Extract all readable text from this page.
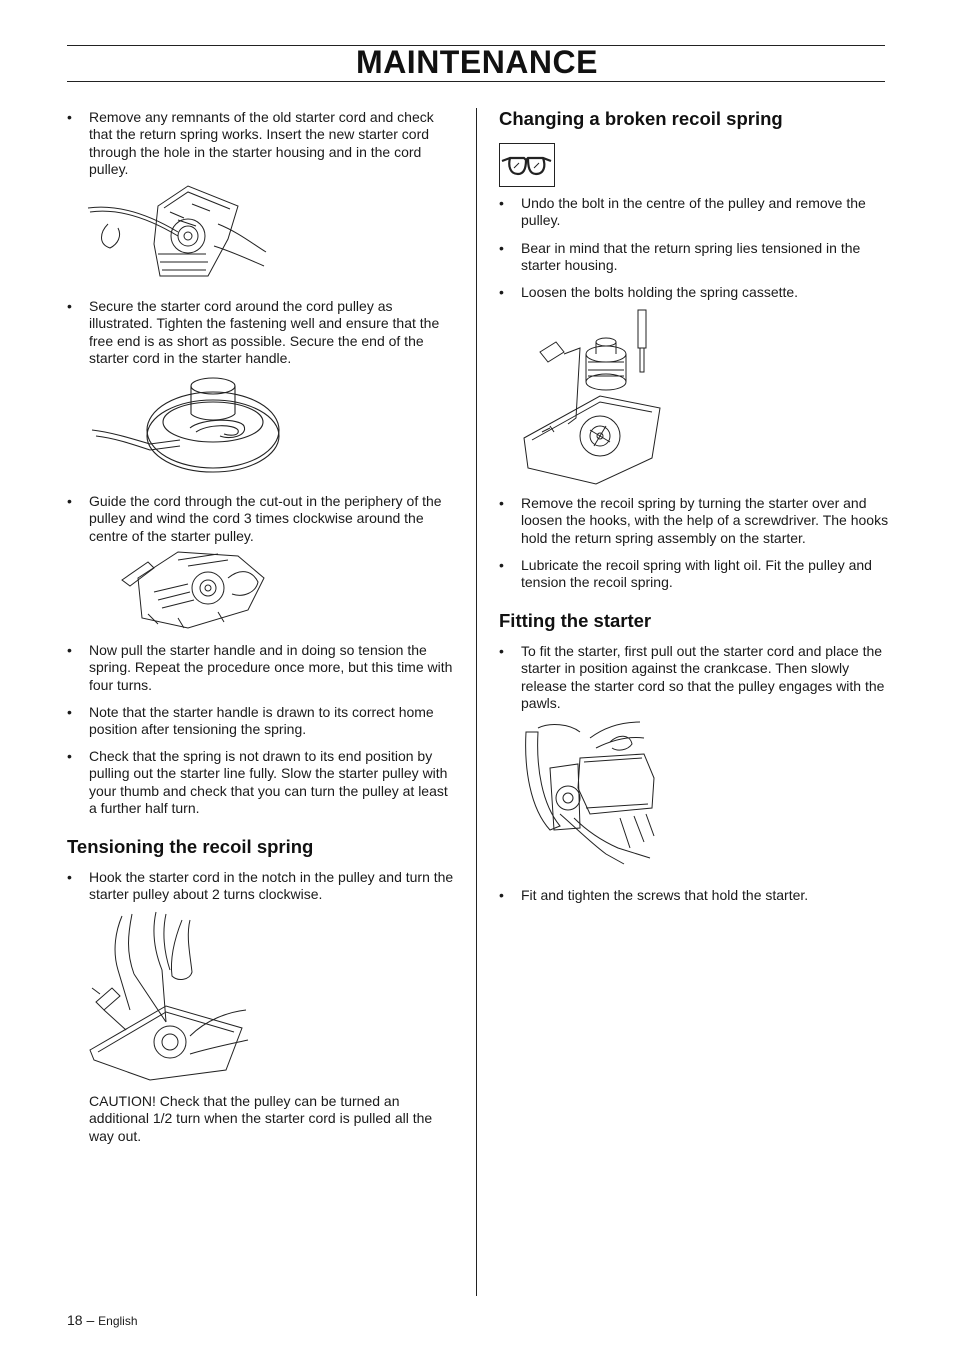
MAINTENANCE
• Remove any remnants of the old starter cord and check that the return spring works. Insert the new starter cord through the hole in the starter housing and in the cord pulley.
• Secure the starter cord around the cord pulley as illustrated. Tighten the fastening well and ensure that the free end is as short as possible. Secure the end of the starter cord in the starter handle.
• Guide the cord through the cut-out in the periphery of the pulley and wind the cord 3 times clockwise around the centre of the starter pulley.
• Now pull the starter handle and in doing so tension the spring. Repeat the procedure once more, but this time with four turns.
• Note that the starter handle is drawn to its correct home position after tensioning the spring.
• Check that the spring is not drawn to its end position by pulling out the starter line fully. Slow the starter pulley with your thumb and check that you can turn the pulley at least a further half turn.
Tensioning the recoil spring
• Hook the starter cord in the notch in the pulley and turn the starter pulley about 2 turns clockwise.
CAUTION! Check that the pulley can be turned an additional 1/2 turn when the starter cord is pulled all the way out.
Changing a broken recoil spring
• Undo the bolt in the centre of the pulley and remove the pulley.
• Bear in mind that the return spring lies tensioned in the starter housing.
• Loosen the bolts holding the spring cassette.
• Remove the recoil spring by turning the starter over and loosen the hooks, with the help of a screwdriver. The hooks hold the return spring assembly on the starter.
• Lubricate the recoil spring with light oil. Fit the pulley and tension the recoil spring.
Fitting the starter
• To fit the starter, first pull out the starter cord and place the starter in position against the crankcase. Then slowly release the starter cord so that the pulley engages with the pawls.
• Fit and tighten the screws that hold the starter.
18 – English
